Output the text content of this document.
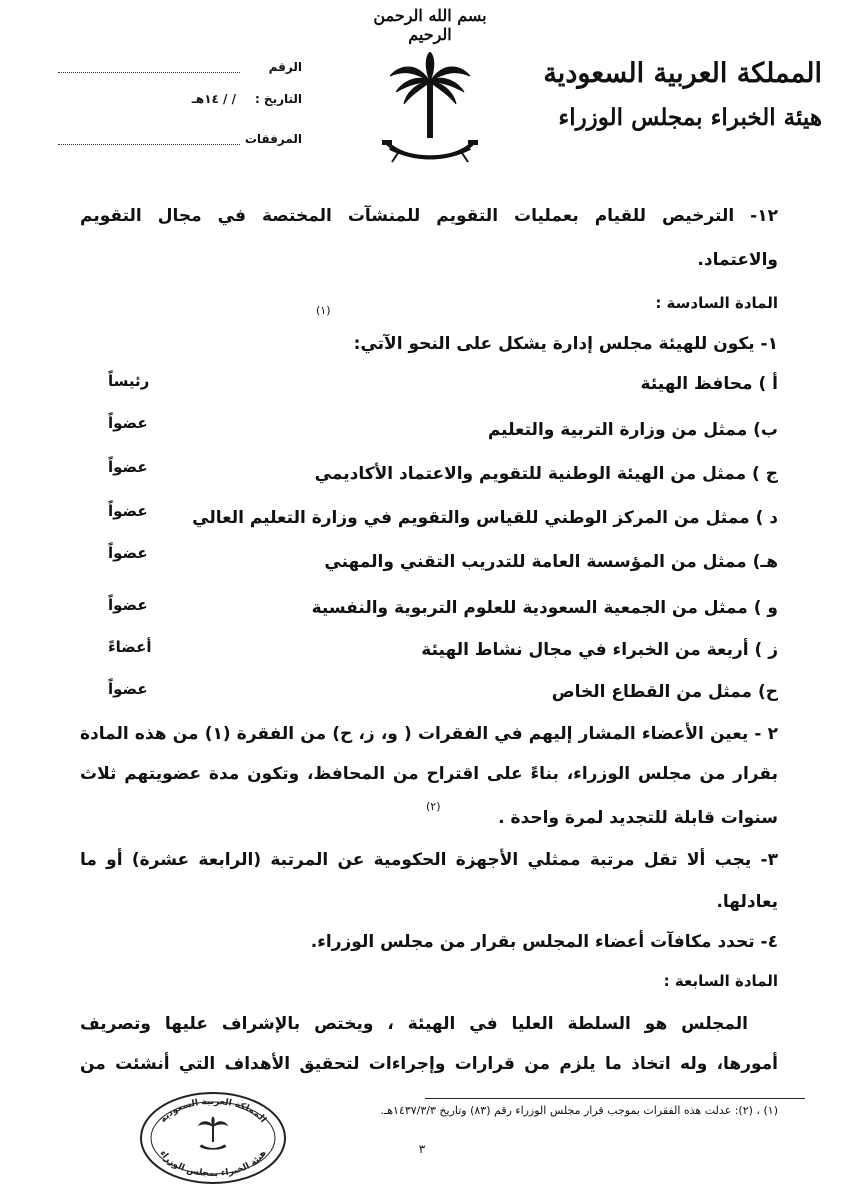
بسم الله الرحمن الرحيم
المملكة العربية السعودية
هيئة الخبراء بمجلس الوزراء
الرقم
التاريخ :
/ / ١٤هـ
المرفقات
١٢- الترخيص للقيام بعمليات التقويم للمنشآت المختصة في مجال التقويم
والاعتماد.
المادة السادسة :
(١)
١- يكون للهيئة مجلس إدارة يشكل على النحو الآتي:
أ ) محافظ الهيئة
رئيساً
ب) ممثل من وزارة التربية والتعليم
عضواً
ج ) ممثل من الهيئة الوطنية للتقويم والاعتماد الأكاديمي
عضواً
د ) ممثل من المركز الوطني للقياس والتقويم في وزارة التعليم العالي
عضواً
هـ) ممثل من المؤسسة العامة للتدريب التقني والمهني
عضواً
و ) ممثل من الجمعية السعودية للعلوم التربوية والنفسية
عضواً
ز ) أربعة من الخبراء في مجال نشاط الهيئة
أعضاءً
ح) ممثل من القطاع الخاص
عضواً
٢ - يعين الأعضاء المشار إليهم في الفقرات ( و، ز، ح) من الفقرة (١) من هذه المادة
بقرار من مجلس الوزراء، بناءً على اقتراح من المحافظ، وتكون مدة عضويتهم ثلاث
سنوات قابلة للتجديد لمرة واحدة .
(٢)
٣- يجب ألا تقل مرتبة ممثلي الأجهزة الحكومية عن المرتبة (الرابعة عشرة) أو ما
يعادلها.
٤- تحدد مكافآت أعضاء المجلس بقرار من مجلس الوزراء.
المادة السابعة :
المجلس هو السلطة العليا في الهيئة ، ويختص بالإشراف عليها وتصريف
أمورها، وله اتخاذ ما يلزم من قرارات وإجراءات لتحقيق الأهداف التي أنشئت من
(١) ، (٢): عدلت هذه الفقرات بموجب قرار مجلس الوزراء رقم (٨٣) وتاريخ ١٤٣٧/٣/٣هـ.
٣
المملكة العربية السعودية
هيئة الخبراء بمجلس الوزراء
